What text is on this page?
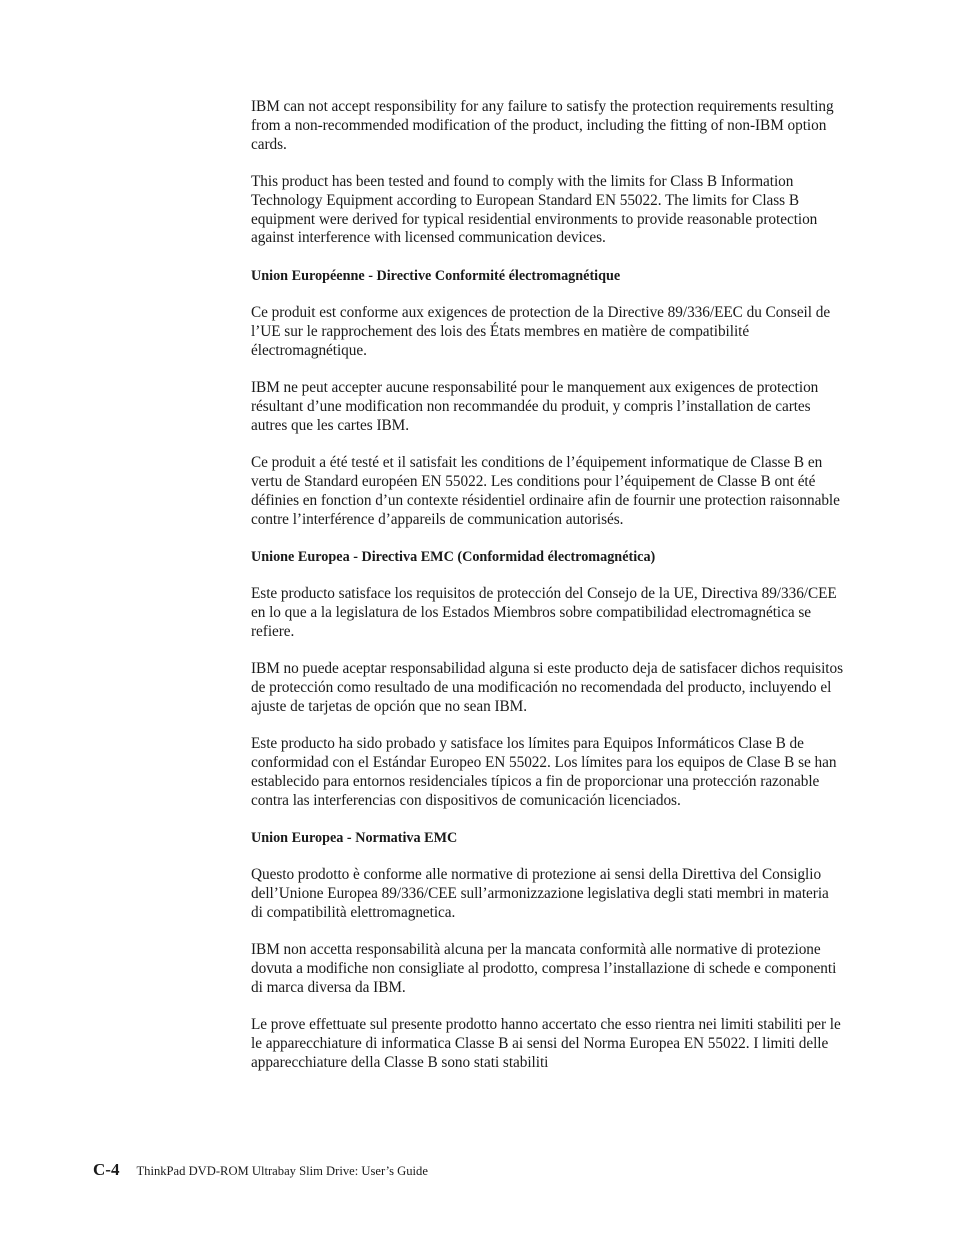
IBM can not accept responsibility for any failure to satisfy the protection requirements resulting from a non-recommended modification of the product, including the fitting of non-IBM option cards.

This product has been tested and found to comply with the limits for Class B Information Technology Equipment according to European Standard EN 55022. The limits for Class B equipment were derived for typical residential environments to provide reasonable protection against interference with licensed communication devices.

Union Européenne - Directive Conformité électromagnétique

Ce produit est conforme aux exigences de protection de la Directive 89/336/EEC du Conseil de l’UE sur le rapprochement des lois des États membres en matière de compatibilité électromagnétique.

IBM ne peut accepter aucune responsabilité pour le manquement aux exigences de protection résultant d’une modification non recommandée du produit, y compris l’installation de cartes autres que les cartes IBM.

Ce produit a été testé et il satisfait les conditions de l’équipement informatique de Classe B en vertu de Standard européen EN 55022. Les conditions pour l’équipement de Classe B ont été définies en fonction d’un contexte résidentiel ordinaire afin de fournir une protection raisonnable contre l’interférence d’appareils de communication autorisés.

Unione Europea - Directiva EMC (Conformidad électromagnética)

Este producto satisface los requisitos de protección del Consejo de la UE, Directiva 89/336/CEE en lo que a la legislatura de los Estados Miembros sobre compatibilidad electromagnética se refiere.

IBM no puede aceptar responsabilidad alguna si este producto deja de satisfacer dichos requisitos de protección como resultado de una modificación no recomendada del producto, incluyendo el ajuste de tarjetas de opción que no sean IBM.

Este producto ha sido probado y satisface los límites para Equipos Informáticos Clase B de conformidad con el Estándar Europeo EN 55022. Los límites para los equipos de Clase B se han establecido para entornos residenciales típicos a fin de proporcionar una protección razonable contra las interferencias con dispositivos de comunicación licenciados.

Union Europea - Normativa EMC

Questo prodotto è conforme alle normative di protezione ai sensi della Direttiva del Consiglio dell’Unione Europea 89/336/CEE sull’armonizzazione legislativa degli stati membri in materia di compatibilità elettromagnetica.

IBM non accetta responsabilità alcuna per la mancata conformità alle normative di protezione dovuta a modifiche non consigliate al prodotto, compresa l’installazione di schede e componenti di marca diversa da IBM.

Le prove effettuate sul presente prodotto hanno accertato che esso rientra nei limiti stabiliti per le le apparecchiature di informatica Classe B ai sensi del Norma Europea EN 55022. I limiti delle apparecchiature della Classe B sono stati stabiliti

C-4 ThinkPad DVD-ROM Ultrabay Slim Drive: User’s Guide
